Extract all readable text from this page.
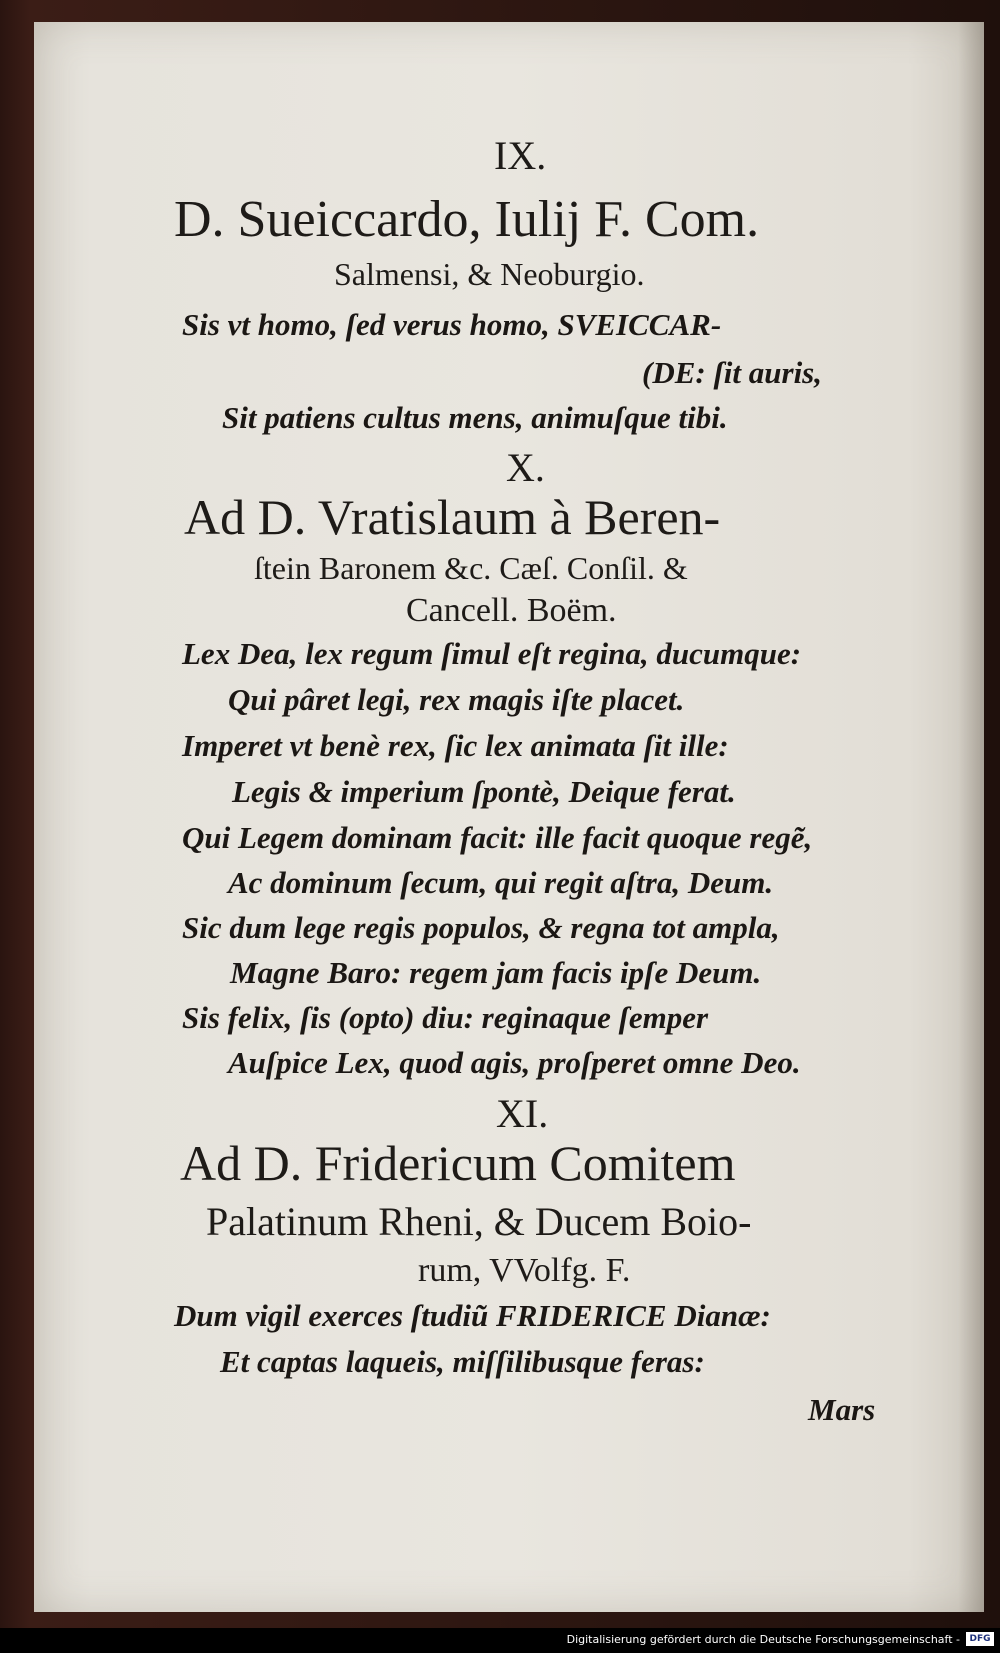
IX.
D. Sueiccardo, Iulij F. Com.
Salmensi, & Neoburgio.
Sis vt homo, ſed verus homo, SVEICCAR-
(DE: ſit auris,
Sit patiens cultus mens, animuſque tibi.
X.
Ad D. Vratislaum à Beren-
ſtein Baronem &c. Cæſ. Conſil. &
Cancell. Boëm.
Lex Dea, lex regum ſimul eſt regina, ducumque:
Qui pâret legi, rex magis iſte placet.
Imperet vt benè rex, ſic lex animata ſit ille:
Legis & imperium ſpontè, Deique ferat.
Qui Legem dominam facit: ille facit quoque regẽ,
Ac dominum ſecum, qui regit aſtra, Deum.
Sic dum lege regis populos, & regna tot ampla,
Magne Baro: regem jam facis ipſe Deum.
Sis felix, ſis (opto) diu: reginaque ſemper
Auſpice Lex, quod agis, proſperet omne Deo.
XI.
Ad D. Fridericum Comitem
Palatinum Rheni, & Ducem Boio-
rum, VVolfg. F.
Dum vigil exerces ſtudiũ FRIDERICE Dianæ:
Et captas laqueis, miſſilibusque feras:
Mars
Digitalisierung gefördert durch die Deutsche Forschungsgemeinschaft -	DFG
